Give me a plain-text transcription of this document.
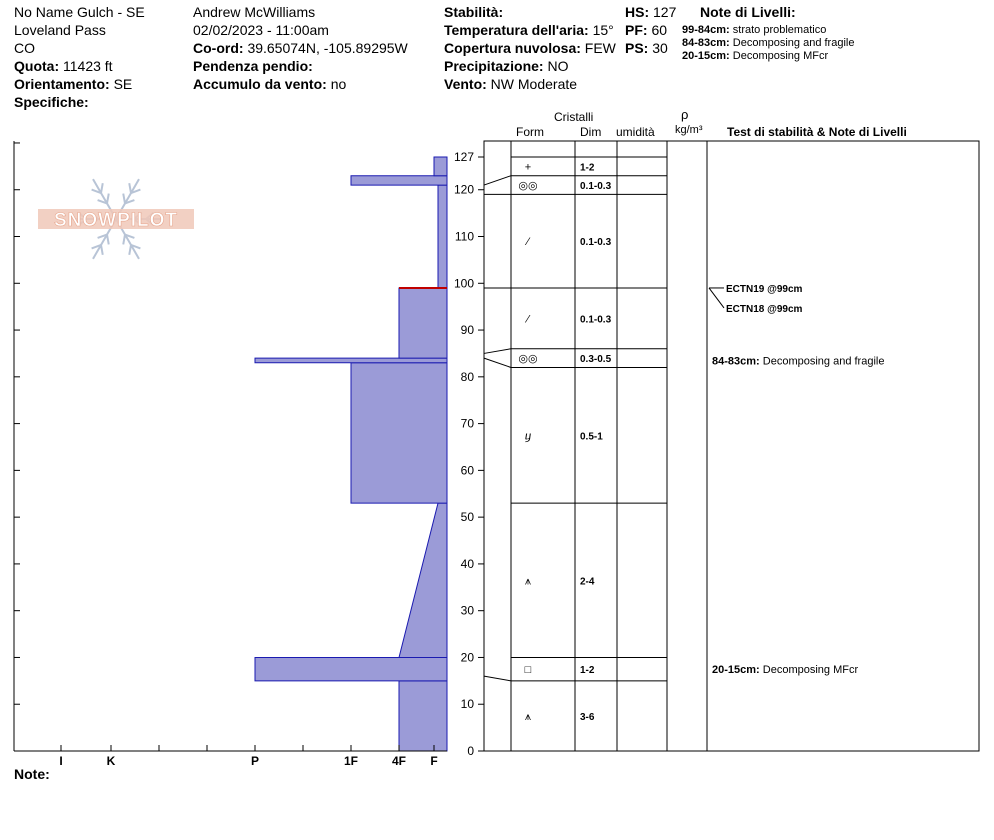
No Name Gulch - SE
Loveland Pass
CO
Quota: 11423 ft
Orientamento: SE
Specifiche:
Andrew McWilliams
02/02/2023 - 11:00am
Co-ord: 39.65074N, -105.89295W
Pendenza pendio:
Accumulo da vento: no
Stabilità:
Temperatura dell'aria: 15°
Copertura nuvolosa: FEW
Precipitazione: NO
Vento: NW Moderate
HS: 127
PF: 60
PS: 30
Note di Livelli:
99-84cm: strato problematico
84-83cm: Decomposing and fragile
20-15cm: Decomposing MFcr
Cristalli
Form	Dim umidità
ρ
kg/m³ Test di stabilità & Note di Livelli
SNOWPILOT
I	K	P	1F	4F F
0
10
20
30
40
50
60
70
80
90
100
110
120
127
+	1-2
◎◎	0.1-0.3
⁄	0.1-0.3
⁄	0.1-0.3
◎◎	0.3-0.5
ⴘ	0.5-1
⩚	2-4
□	1-2
⩚	3-6
ECTN19 @99cm
ECTN18 @99cm
84-83cm: Decomposing and fragile
20-15cm: Decomposing MFcr
Note:
